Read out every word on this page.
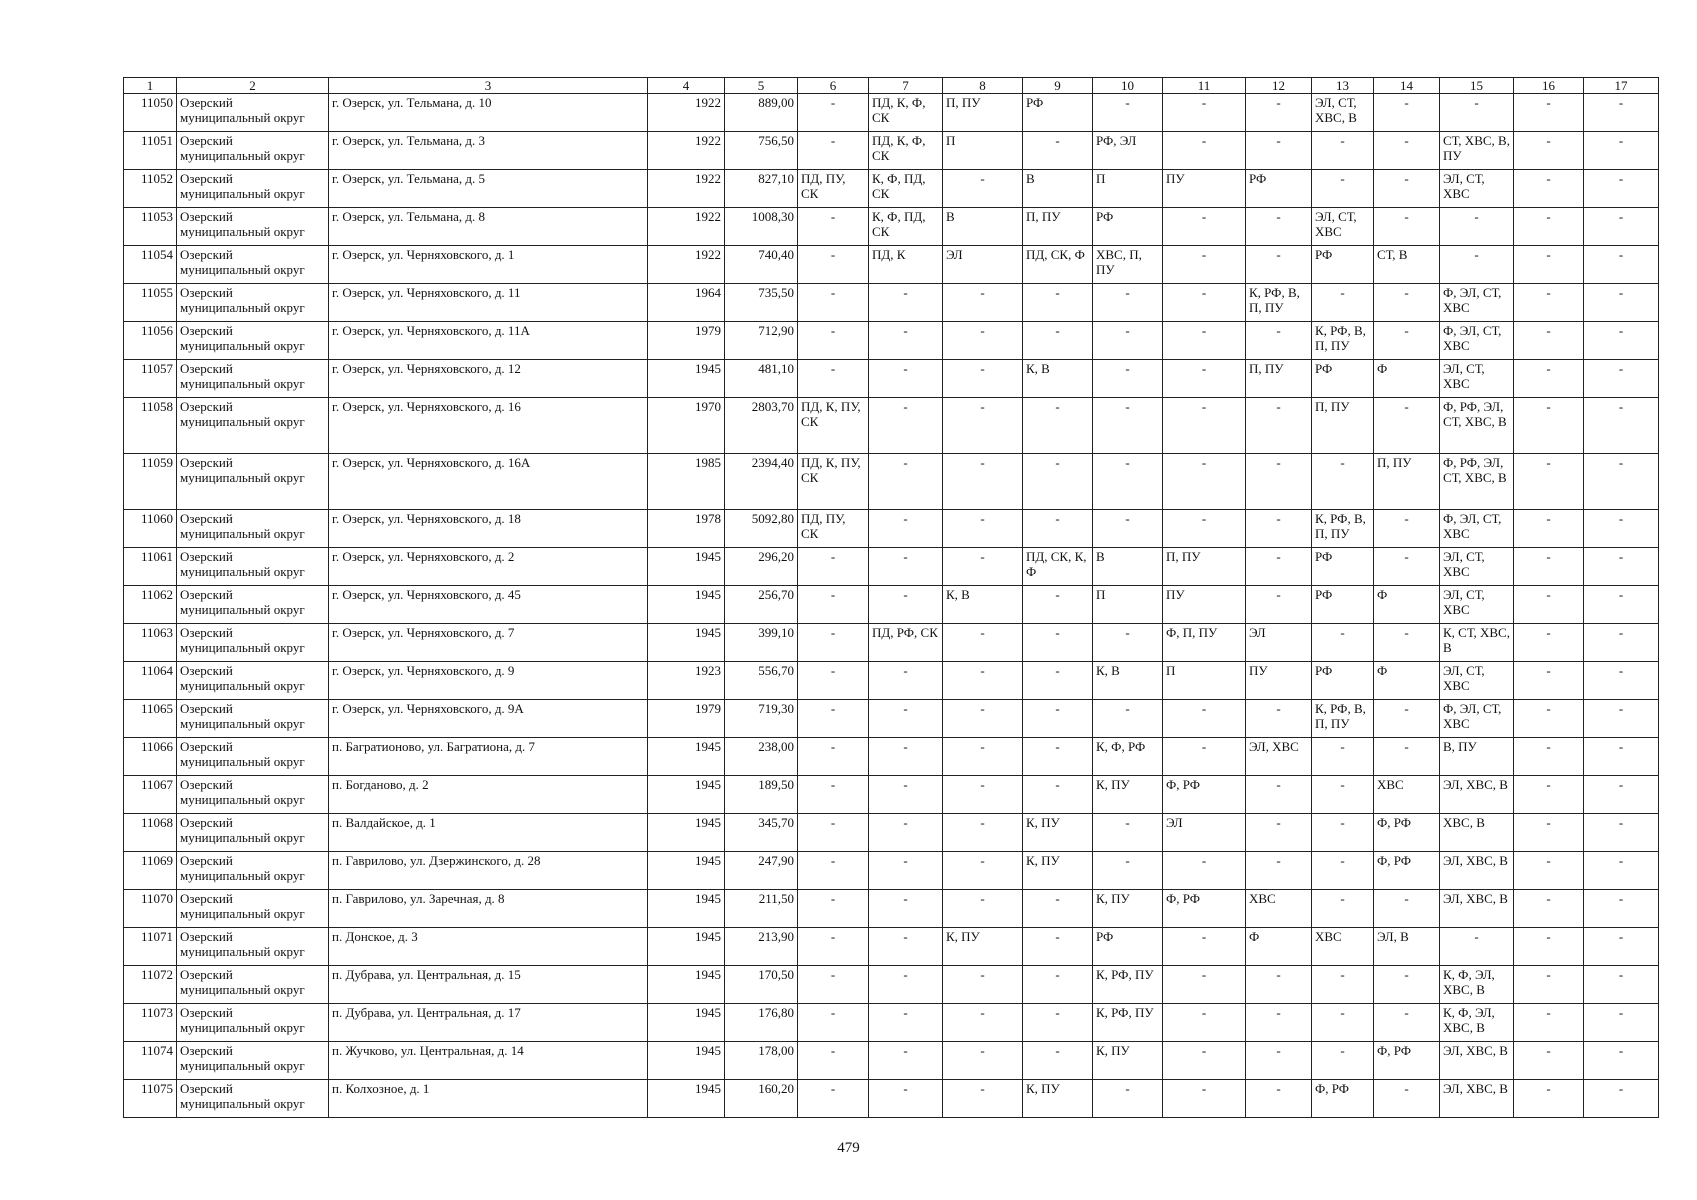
1	2	3	4	5	6	7	8	9	10	11	12	13	14	15	16	17
11050	Озерский муниципальный округ	г. Озерск, ул. Тельмана, д. 10	1922	889,00	-	ПД, К, Ф, СК	П, ПУ	РФ	-	-	-	ЭЛ, СТ, ХВС, В	-	-	-	-
11051	Озерский муниципальный округ	г. Озерск, ул. Тельмана, д. 3	1922	756,50	-	ПД, К, Ф, СК	П	-	РФ, ЭЛ	-	-	-	-	СТ, ХВС, В, ПУ	-	-
11052	Озерский муниципальный округ	г. Озерск, ул. Тельмана, д. 5	1922	827,10	ПД, ПУ, СК	К, Ф, ПД, СК	-	В	П	ПУ	РФ	-	-	ЭЛ, СТ, ХВС	-	-
11053	Озерский муниципальный округ	г. Озерск, ул. Тельмана, д. 8	1922	1008,30	-	К, Ф, ПД, СК	В	П, ПУ	РФ	-	-	ЭЛ, СТ, ХВС	-	-	-	-
11054	Озерский муниципальный округ	г. Озерск, ул. Черняховского, д. 1	1922	740,40	-	ПД, К	ЭЛ	ПД, СК, Ф	ХВС, П, ПУ	-	-	РФ	СТ, В	-	-	-
11055	Озерский муниципальный округ	г. Озерск, ул. Черняховского, д. 11	1964	735,50	-	-	-	-	-	-	К, РФ, В, П, ПУ	-	-	Ф, ЭЛ, СТ, ХВС	-	-
11056	Озерский муниципальный округ	г. Озерск, ул. Черняховского, д. 11А	1979	712,90	-	-	-	-	-	-	-	К, РФ, В, П, ПУ	-	Ф, ЭЛ, СТ, ХВС	-	-
11057	Озерский муниципальный округ	г. Озерск, ул. Черняховского, д. 12	1945	481,10	-	-	-	К, В	-	-	П, ПУ	РФ	Ф	ЭЛ, СТ, ХВС	-	-
11058	Озерский муниципальный округ	г. Озерск, ул. Черняховского, д. 16	1970	2803,70	ПД, К, ПУ, СК	-	-	-	-	-	-	П, ПУ	-	Ф, РФ, ЭЛ, СТ, ХВС, В	-	-
11059	Озерский муниципальный округ	г. Озерск, ул. Черняховского, д. 16А	1985	2394,40	ПД, К, ПУ, СК	-	-	-	-	-	-	-	П, ПУ	Ф, РФ, ЭЛ, СТ, ХВС, В	-	-
11060	Озерский муниципальный округ	г. Озерск, ул. Черняховского, д. 18	1978	5092,80	ПД, ПУ, СК	-	-	-	-	-	-	К, РФ, В, П, ПУ	-	Ф, ЭЛ, СТ, ХВС	-	-
11061	Озерский муниципальный округ	г. Озерск, ул. Черняховского, д. 2	1945	296,20	-	-	-	ПД, СК, К, Ф	В	П, ПУ	-	РФ	-	ЭЛ, СТ, ХВС	-	-
11062	Озерский муниципальный округ	г. Озерск, ул. Черняховского, д. 45	1945	256,70	-	-	К, В	-	П	ПУ	-	РФ	Ф	ЭЛ, СТ, ХВС	-	-
11063	Озерский муниципальный округ	г. Озерск, ул. Черняховского, д. 7	1945	399,10	-	ПД, РФ, СК	-	-	-	Ф, П, ПУ	ЭЛ	-	-	К, СТ, ХВС, В	-	-
11064	Озерский муниципальный округ	г. Озерск, ул. Черняховского, д. 9	1923	556,70	-	-	-	-	К, В	П	ПУ	РФ	Ф	ЭЛ, СТ, ХВС	-	-
11065	Озерский муниципальный округ	г. Озерск, ул. Черняховского, д. 9А	1979	719,30	-	-	-	-	-	-	-	К, РФ, В, П, ПУ	-	Ф, ЭЛ, СТ, ХВС	-	-
11066	Озерский муниципальный округ	п. Багратионово, ул. Багратиона, д. 7	1945	238,00	-	-	-	-	К, Ф, РФ	-	ЭЛ, ХВС	-	-	В, ПУ	-	-
11067	Озерский муниципальный округ	п. Богданово, д. 2	1945	189,50	-	-	-	-	К, ПУ	Ф, РФ	-	-	ХВС	ЭЛ, ХВС, В	-	-
11068	Озерский муниципальный округ	п. Валдайское, д. 1	1945	345,70	-	-	-	К, ПУ	-	ЭЛ	-	-	Ф, РФ	ХВС, В	-	-
11069	Озерский муниципальный округ	п. Гаврилово, ул. Дзержинского, д. 28	1945	247,90	-	-	-	К, ПУ	-	-	-	-	Ф, РФ	ЭЛ, ХВС, В	-	-
11070	Озерский муниципальный округ	п. Гаврилово, ул. Заречная, д. 8	1945	211,50	-	-	-	-	К, ПУ	Ф, РФ	ХВС	-	-	ЭЛ, ХВС, В	-	-
11071	Озерский муниципальный округ	п. Донское, д. 3	1945	213,90	-	-	К, ПУ	-	РФ	-	Ф	ХВС	ЭЛ, В	-	-	-
11072	Озерский муниципальный округ	п. Дубрава, ул. Центральная, д. 15	1945	170,50	-	-	-	-	К, РФ, ПУ	-	-	-	-	К, Ф, ЭЛ, ХВС, В	-	-
11073	Озерский муниципальный округ	п. Дубрава, ул. Центральная, д. 17	1945	176,80	-	-	-	-	К, РФ, ПУ	-	-	-	-	К, Ф, ЭЛ, ХВС, В	-	-
11074	Озерский муниципальный округ	п. Жучково, ул. Центральная, д. 14	1945	178,00	-	-	-	-	К, ПУ	-	-	-	Ф, РФ	ЭЛ, ХВС, В	-	-
11075	Озерский муниципальный округ	п. Колхозное, д. 1	1945	160,20	-	-	-	К, ПУ	-	-	-	Ф, РФ	-	ЭЛ, ХВС, В	-	-
479
